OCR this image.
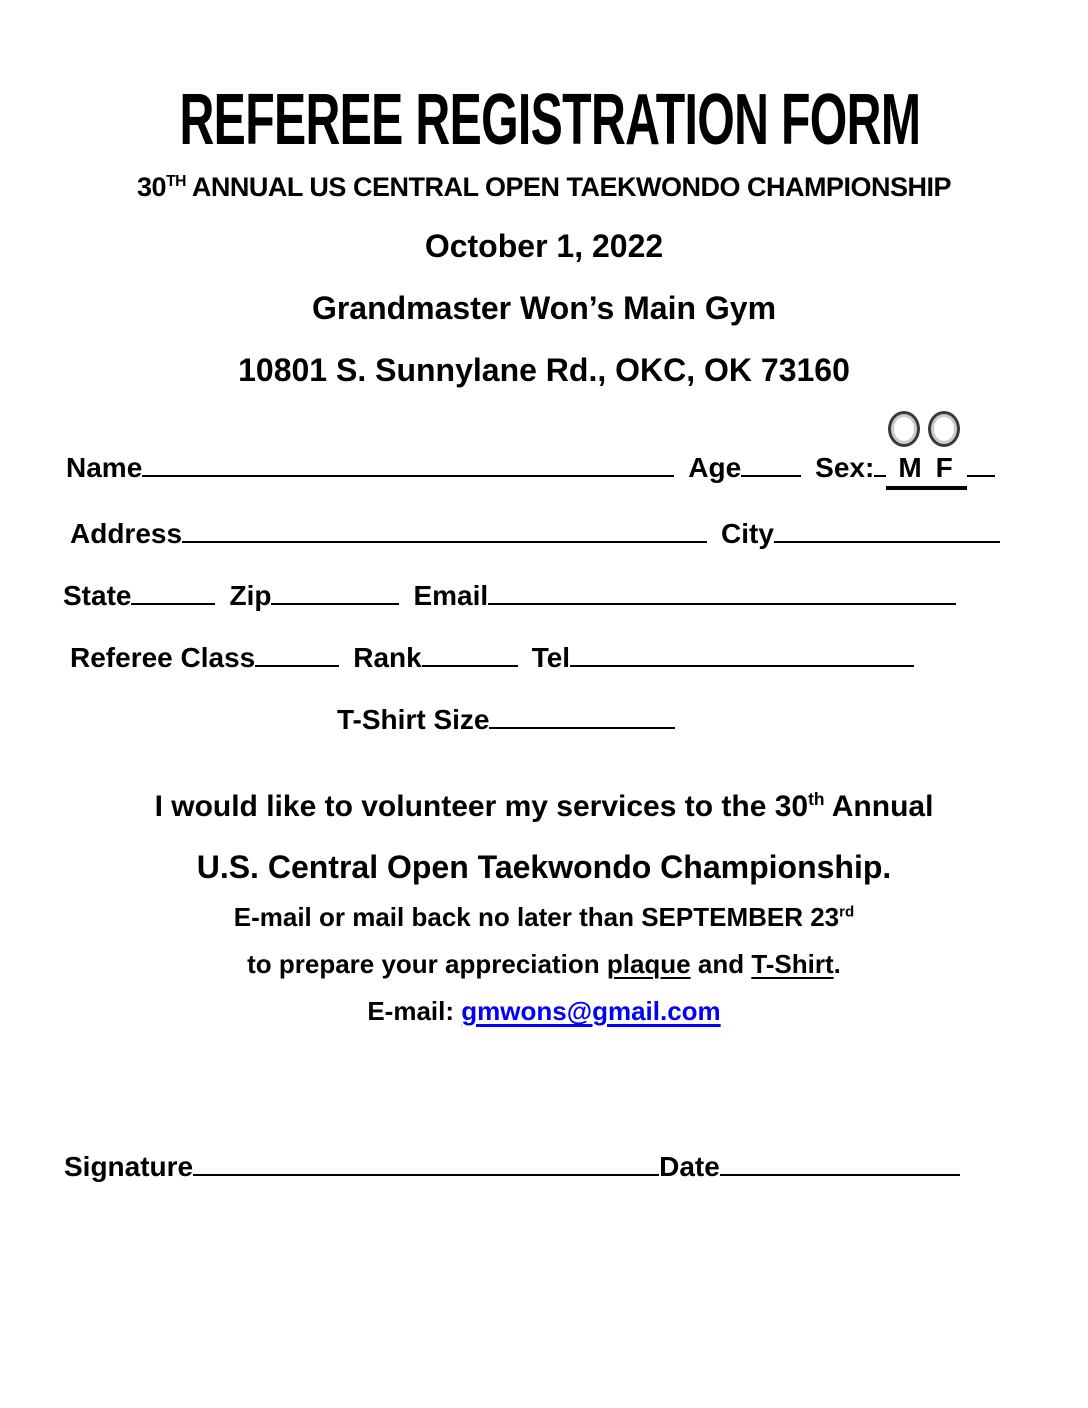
REFEREE REGISTRATION FORM
30TH ANNUAL US CENTRAL OPEN TAEKWONDO CHAMPIONSHIP
October 1, 2022
Grandmaster Won’s Main Gym
10801 S. Sunnylane Rd., OKC, OK 73160
Name	Age	Sex: M F
Address	City
State	Zip	Email
Referee Class	Rank	Tel
T-Shirt Size
I would like to volunteer my services to the 30th Annual
U.S. Central Open Taekwondo Championship.
E-mail or mail back no later than SEPTEMBER 23rd
to prepare your appreciation plaque and T-Shirt.
E-mail: gmwons@gmail.com
Signature	Date
